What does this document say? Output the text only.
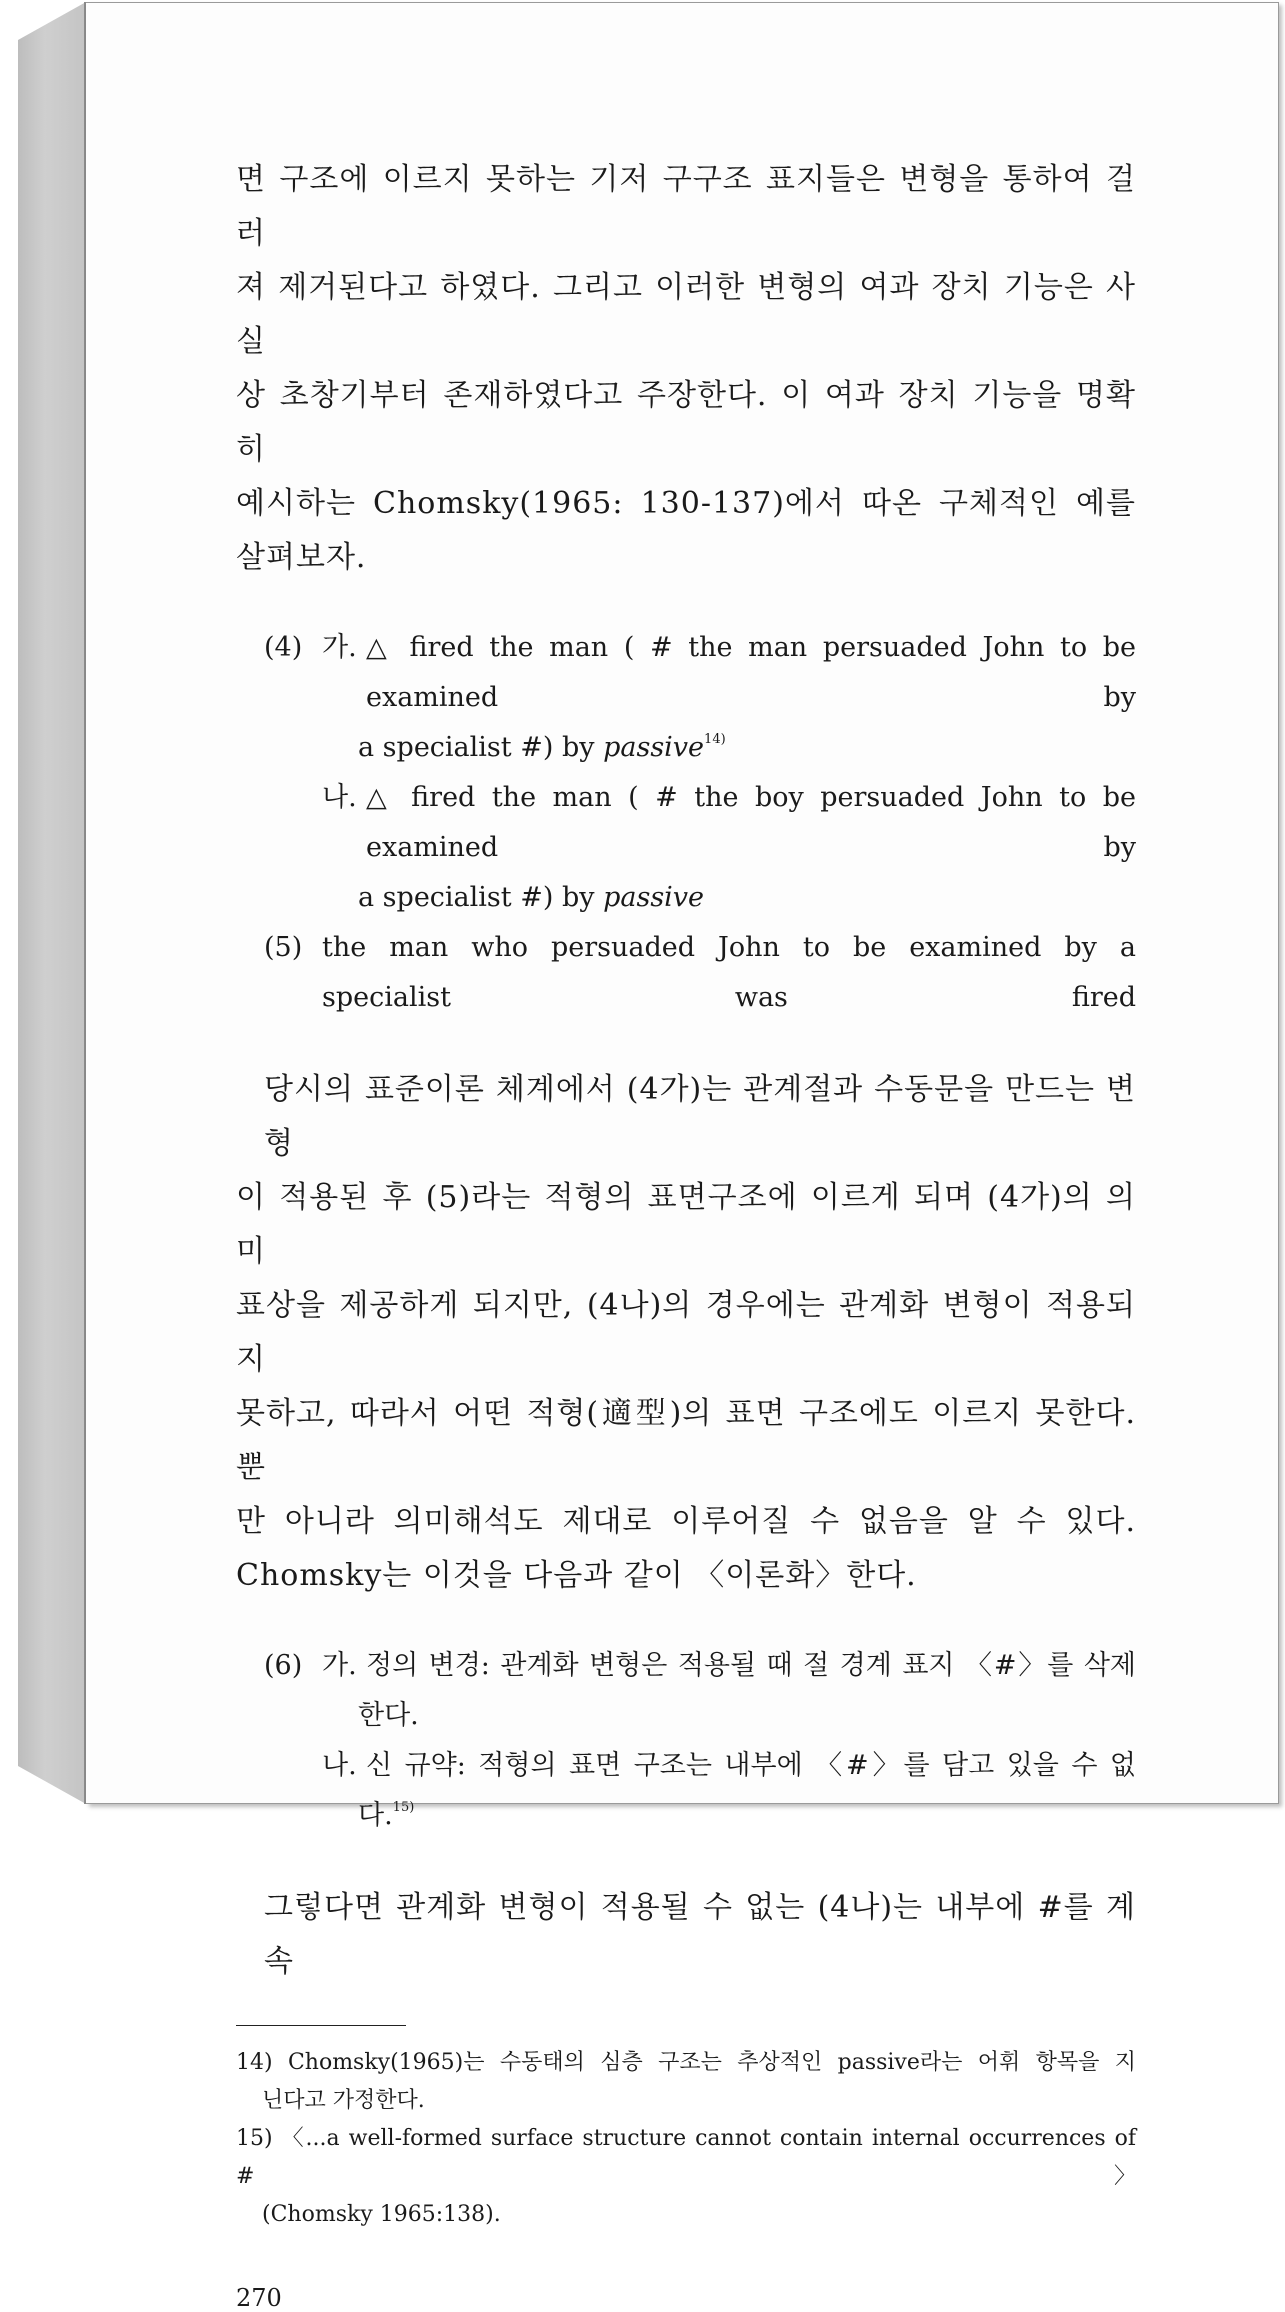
면 구조에 이르지 못하는 기저 구구조 표지들은 변형을 통하여 걸러
져 제거된다고 하였다. 그리고 이러한 변형의 여과 장치 기능은 사실
상 초창기부터 존재하였다고 주장한다. 이 여과 장치 기능을 명확히
예시하는 Chomsky(1965: 130-137)에서 따온 구체적인 예를 살펴보자.
(4) 가. △ fired the man ( # the man persuaded John to be examined by
a specialist #) by passive$^{14)}$
나. △ fired the man ( # the boy persuaded John to be examined by
a specialist #) by passive
(5) the man who persuaded John to be examined by a specialist was fired
당시의 표준이론 체계에서 (4가)는 관계절과 수동문을 만드는 변형
이 적용된 후 (5)라는 적형의 표면구조에 이르게 되며 (4가)의 의미
표상을 제공하게 되지만, (4나)의 경우에는 관계화 변형이 적용되지
못하고, 따라서 어떤 적형(適型)의 표면 구조에도 이르지 못한다. 뿐
만 아니라 의미해석도 제대로 이루어질 수 없음을 알 수 있다.
Chomsky는 이것을 다음과 같이 〈이론화〉한다.
(6) 가. 정의 변경: 관계화 변형은 적용될 때 절 경계 표지 〈#〉를 삭제
한다.
나. 신 규약: 적형의 표면 구조는 내부에 〈#〉를 담고 있을 수 없
다.$^{15)}$
그렇다면 관계화 변형이 적용될 수 없는 (4나)는 내부에 #를 계속
14) Chomsky(1965)는 수동태의 심층 구조는 추상적인 passive라는 어휘 항목을 지
닌다고 가정한다.
15) 〈...a well-formed surface structure cannot contain internal occurrences of #〉
(Chomsky 1965:138).
270
